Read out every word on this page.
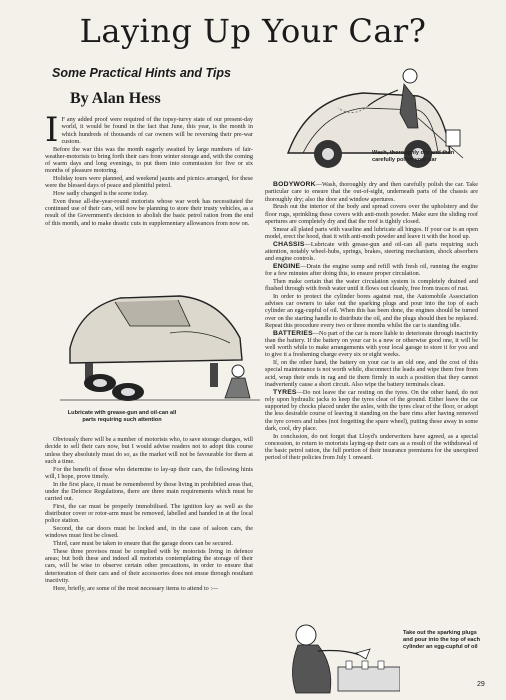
Laying Up Your Car?
Some Practical Hints and Tips
By Alan Hess
Wash, thoroughly dry and then carefully polish your car

I F any added proof were required of the topsy-turvy state of our present-day world, it would be found in the fact that June, this year, is the month in which hundreds of thousands of car owners will be reversing their pre-war custom.

Before the war this was the month eagerly awaited by large numbers of fair-weather-motorists to bring forth their cars from winter storage and, with the coming of warm days and long evenings, to put them into commission for five or six months of pleasure motoring.

Holiday tours were planned, and weekend jaunts and picnics arranged, for these were the blessed days of peace and plentiful petrol.

How sadly changed is the scene today.

Even those all-the-year-round motorists whose war work has necessitated the continued use of their cars, will now be planning to store their trusty vehicles, as a result of the Government's decision to abolish the basic petrol ration from the end of this month, and to make drastic cuts in supplementary allowances from now on.

Lubricate with grease-gun and oil-can all parts requiring such attention

Obviously there will be a number of motorists who, to save storage charges, will decide to sell their cars now, but I would advise readers not to adopt this course unless they absolutely must do so, as the market will not be favourable for them at such a time.

For the benefit of those who determine to lay-up their cars, the following hints will, I hope, prove timely.

In the first place, it must be remembered by those living in prohibited areas that, under the Defence Regulations, there are three main requirements which must be carried out.

First, the car must be properly immobilised. The ignition key as well as the distributor cover or rotor-arm must be removed, labelled and handed in at the local police station.

Second, the car doors must be locked and, in the case of saloon cars, the windows must first be closed.

Third, care must be taken to ensure that the garage doors can be secured.

These three provisos must be complied with by motorists living in defence areas; but both these and indeed all motorists contemplating the storage of their cars, will be wise to observe certain other precautions, in order to ensure that deterioration of their cars and of their accessories does not ensue through resultant inactivity.

Here, briefly, are some of the most necessary items to attend to :—

BODYWORK—Wash, thoroughly dry and then carefully polish the car. Take particular care to ensure that the out-of-sight, underneath parts of the chassis are thoroughly dry; also the door and window apertures.

Brush out the interior of the body and spread covers over the upholstery and the floor rugs, sprinkling these covers with anti-moth powder. Make sure the sliding roof apertures are completely dry and that the roof is tightly closed.

Smear all plated parts with vaseline and lubricate all hinges. If your car is an open model, erect the hood, dust it with anti-moth powder and leave it with the hood up.

CHASSIS—Lubricate with grease-gun and oil-can all parts requiring such attention, notably wheel-hubs, springs, brakes, steering mechanism, shock absorbers and engine controls.

ENGINE—Drain the engine sump and refill with fresh oil, running the engine for a few minutes after doing this, to ensure proper circulation.

Then make certain that the water circulation system is completely drained and flushed through with fresh water until it flows out cleanly, free from traces of rust.

In order to protect the cylinder bores against rust, the Automobile Association advises car owners to take out the sparking plugs and pour into the top of each cylinder an egg-cupful of oil. When this has been done, the engines should be turned over on the starting handle to distribute the oil, and the plugs should then be replaced. Repeat this procedure every two or three months whilst the car is standing idle.

BATTERIES—No part of the car is more liable to deteriorate through inactivity than the battery. If the battery on your car is a new or otherwise good one, it will be well worth while to make arrangements with your local garage to store it for you and to give it a freshening charge every six or eight weeks.

If, on the other hand, the battery on your car is an old one, and the cost of this special maintenance is not worth while, disconnect the leads and wipe them free from acid, wrap their ends in rag and tie them firmly in such a position that they cannot inadvertently cause a short circuit. Also wipe the battery terminals clean.

TYRES—Do not leave the car resting on the tyres. On the other hand, do not rely upon hydraulic jacks to keep the tyres clear of the ground. Either leave the car supported by chocks placed under the axles, with the tyres clear of the floor, or adopt the less desirable course of leaving it standing on the bare rims after having removed the tyre covers and tubes (not forgetting the spare wheel), putting these away in some dark, cool, dry place.

In conclusion, do not forget that Lloyd's underwriters have agreed, as a special concession, to return to motorists laying-up their cars as a result of the withdrawal of the basic petrol ration, the full portion of their insurance premiums for the unexpired period of their policies from July 1 onward.

Take out the sparking plugs and pour into the top of each cylinder an egg-cupful of oil
29
